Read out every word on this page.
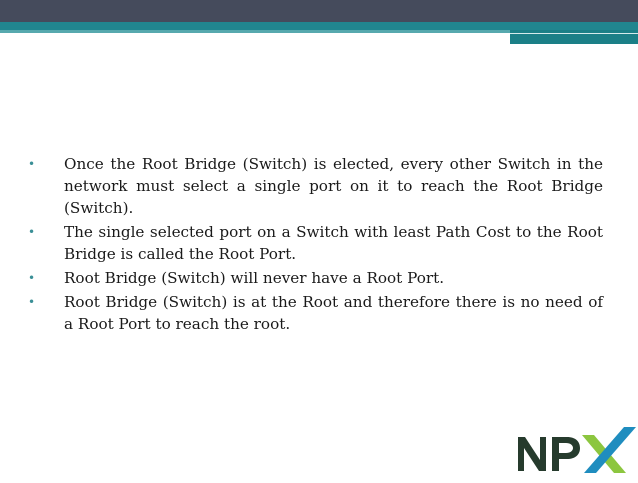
• Once the Root Bridge (Switch) is elected, every other Switch in the network must select a single port on it to reach the Root Bridge (Switch).
• The single selected port on a Switch with least Path Cost to the Root Bridge is called the Root Port.
• Root Bridge (Switch) will never have a Root Port.
• Root Bridge (Switch) is at the Root and therefore there is no need of a Root Port to reach the root.
